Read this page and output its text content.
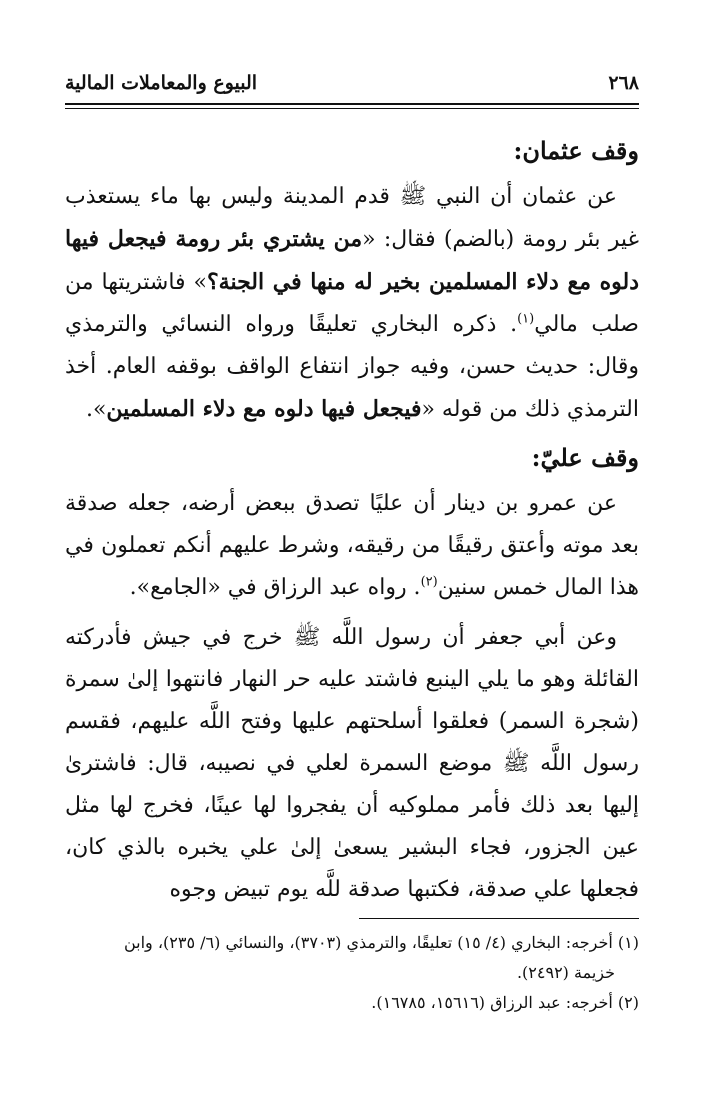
٢٦٨
البيوع والمعاملات المالية

وقف عثمان:

عن عثمان أن النبي ﷺ قدم المدينة وليس بها ماء يستعذب غير بئر رومة (بالضم) فقال: «من يشتري بئر رومة فيجعل فيها دلوه مع دلاء المسلمين بخير له منها في الجنة؟» فاشتريتها من صلب مالي$^{(١)}$. ذكره البخاري تعليقًا ورواه النسائي والترمذي وقال: حديث حسن، وفيه جواز انتفاع الواقف بوقفه العام. أخذ الترمذي ذلك من قوله «فيجعل فيها دلوه مع دلاء المسلمين».

وقف عليّ:

عن عمرو بن دينار أن عليًا تصدق ببعض أرضه، جعله صدقة بعد موته وأعتق رقيقًا من رقيقه، وشرط عليهم أنكم تعملون في هذا المال خمس سنين$^{(٢)}$. رواه عبد الرزاق في «الجامع».

وعن أبي جعفر أن رسول اللَّه ﷺ خرج في جيش فأدركته القائلة وهو ما يلي الينبع فاشتد عليه حر النهار فانتهوا إلىٰ سمرة (شجرة السمر) فعلقوا أسلحتهم عليها وفتح اللَّه عليهم، فقسم رسول اللَّه ﷺ موضع السمرة لعلي في نصيبه، قال: فاشترىٰ إليها بعد ذلك فأمر مملوكيه أن يفجروا لها عينًا، فخرج لها مثل عين الجزور، فجاء البشير يسعىٰ إلىٰ علي يخبره بالذي كان، فجعلها علي صدقة، فكتبها صدقة للَّه يوم تبيض وجوه

(١) أخرجه: البخاري (٤/ ١٥) تعليقًا، والترمذي (٣٧٠٣)، والنسائي (٦/ ٢٣٥)، وابن

خزيمة (٢٤٩٢).

(٢) أخرجه: عبد الرزاق (١٥٦١٦، ١٦٧٨٥).
